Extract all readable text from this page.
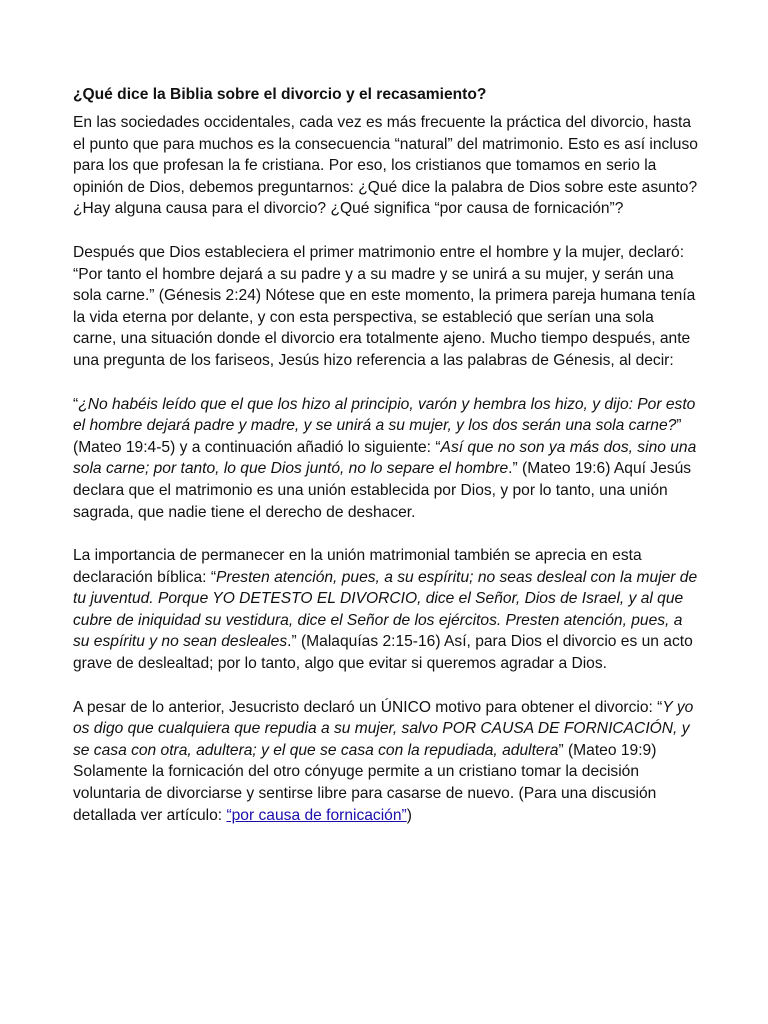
¿Qué dice la Biblia sobre el divorcio y el recasamiento?

En las sociedades occidentales, cada vez es más frecuente la práctica del divorcio, hasta el punto que para muchos es la consecuencia “natural” del matrimonio. Esto es así incluso para los que profesan la fe cristiana. Por eso, los cristianos que tomamos en serio la opinión de Dios, debemos preguntarnos: ¿Qué dice la palabra de Dios sobre este asunto? ¿Hay alguna causa para el divorcio? ¿Qué significa “por causa de fornicación”?

Después que Dios estableciera el primer matrimonio entre el hombre y la mujer, declaró: “Por tanto el hombre dejará a su padre y a su madre y se unirá a su mujer, y serán una sola carne.” (Génesis 2:24) Nótese que en este momento, la primera pareja humana tenía la vida eterna por delante, y con esta perspectiva, se estableció que serían una sola carne, una situación donde el divorcio era totalmente ajeno. Mucho tiempo después, ante una pregunta de los fariseos, Jesús hizo referencia a las palabras de Génesis, al decir:

“¿No habéis leído que el que los hizo al principio, varón y hembra los hizo, y dijo: Por esto el hombre dejará padre y madre, y se unirá a su mujer, y los dos serán una sola carne?” (Mateo 19:4-5) y a continuación añadió lo siguiente: “Así que no son ya más dos, sino una sola carne; por tanto, lo que Dios juntó, no lo separe el hombre.” (Mateo 19:6) Aquí Jesús declara que el matrimonio es una unión establecida por Dios, y por lo tanto, una unión sagrada, que nadie tiene el derecho de deshacer.

La importancia de permanecer en la unión matrimonial también se aprecia en esta declaración bíblica: “Presten atención, pues, a su espíritu; no seas desleal con la mujer de tu juventud. Porque YO DETESTO EL DIVORCIO, dice el Señor, Dios de Israel, y al que cubre de iniquidad su vestidura, dice el Señor de los ejércitos. Presten atención, pues, a su espíritu y no sean desleales.” (Malaquías 2:15-16) Así, para Dios el divorcio es un acto grave de deslealtad; por lo tanto, algo que evitar si queremos agradar a Dios.

A pesar de lo anterior, Jesucristo declaró un ÚNICO motivo para obtener el divorcio: “Y yo os digo que cualquiera que repudia a su mujer, salvo POR CAUSA DE FORNICACIÓN, y se casa con otra, adultera; y el que se casa con la repudiada, adultera” (Mateo 19:9) Solamente la fornicación del otro cónyuge permite a un cristiano tomar la decisión voluntaria de divorciarse y sentirse libre para casarse de nuevo. (Para una discusión detallada ver artículo: “por causa de fornicación”)
